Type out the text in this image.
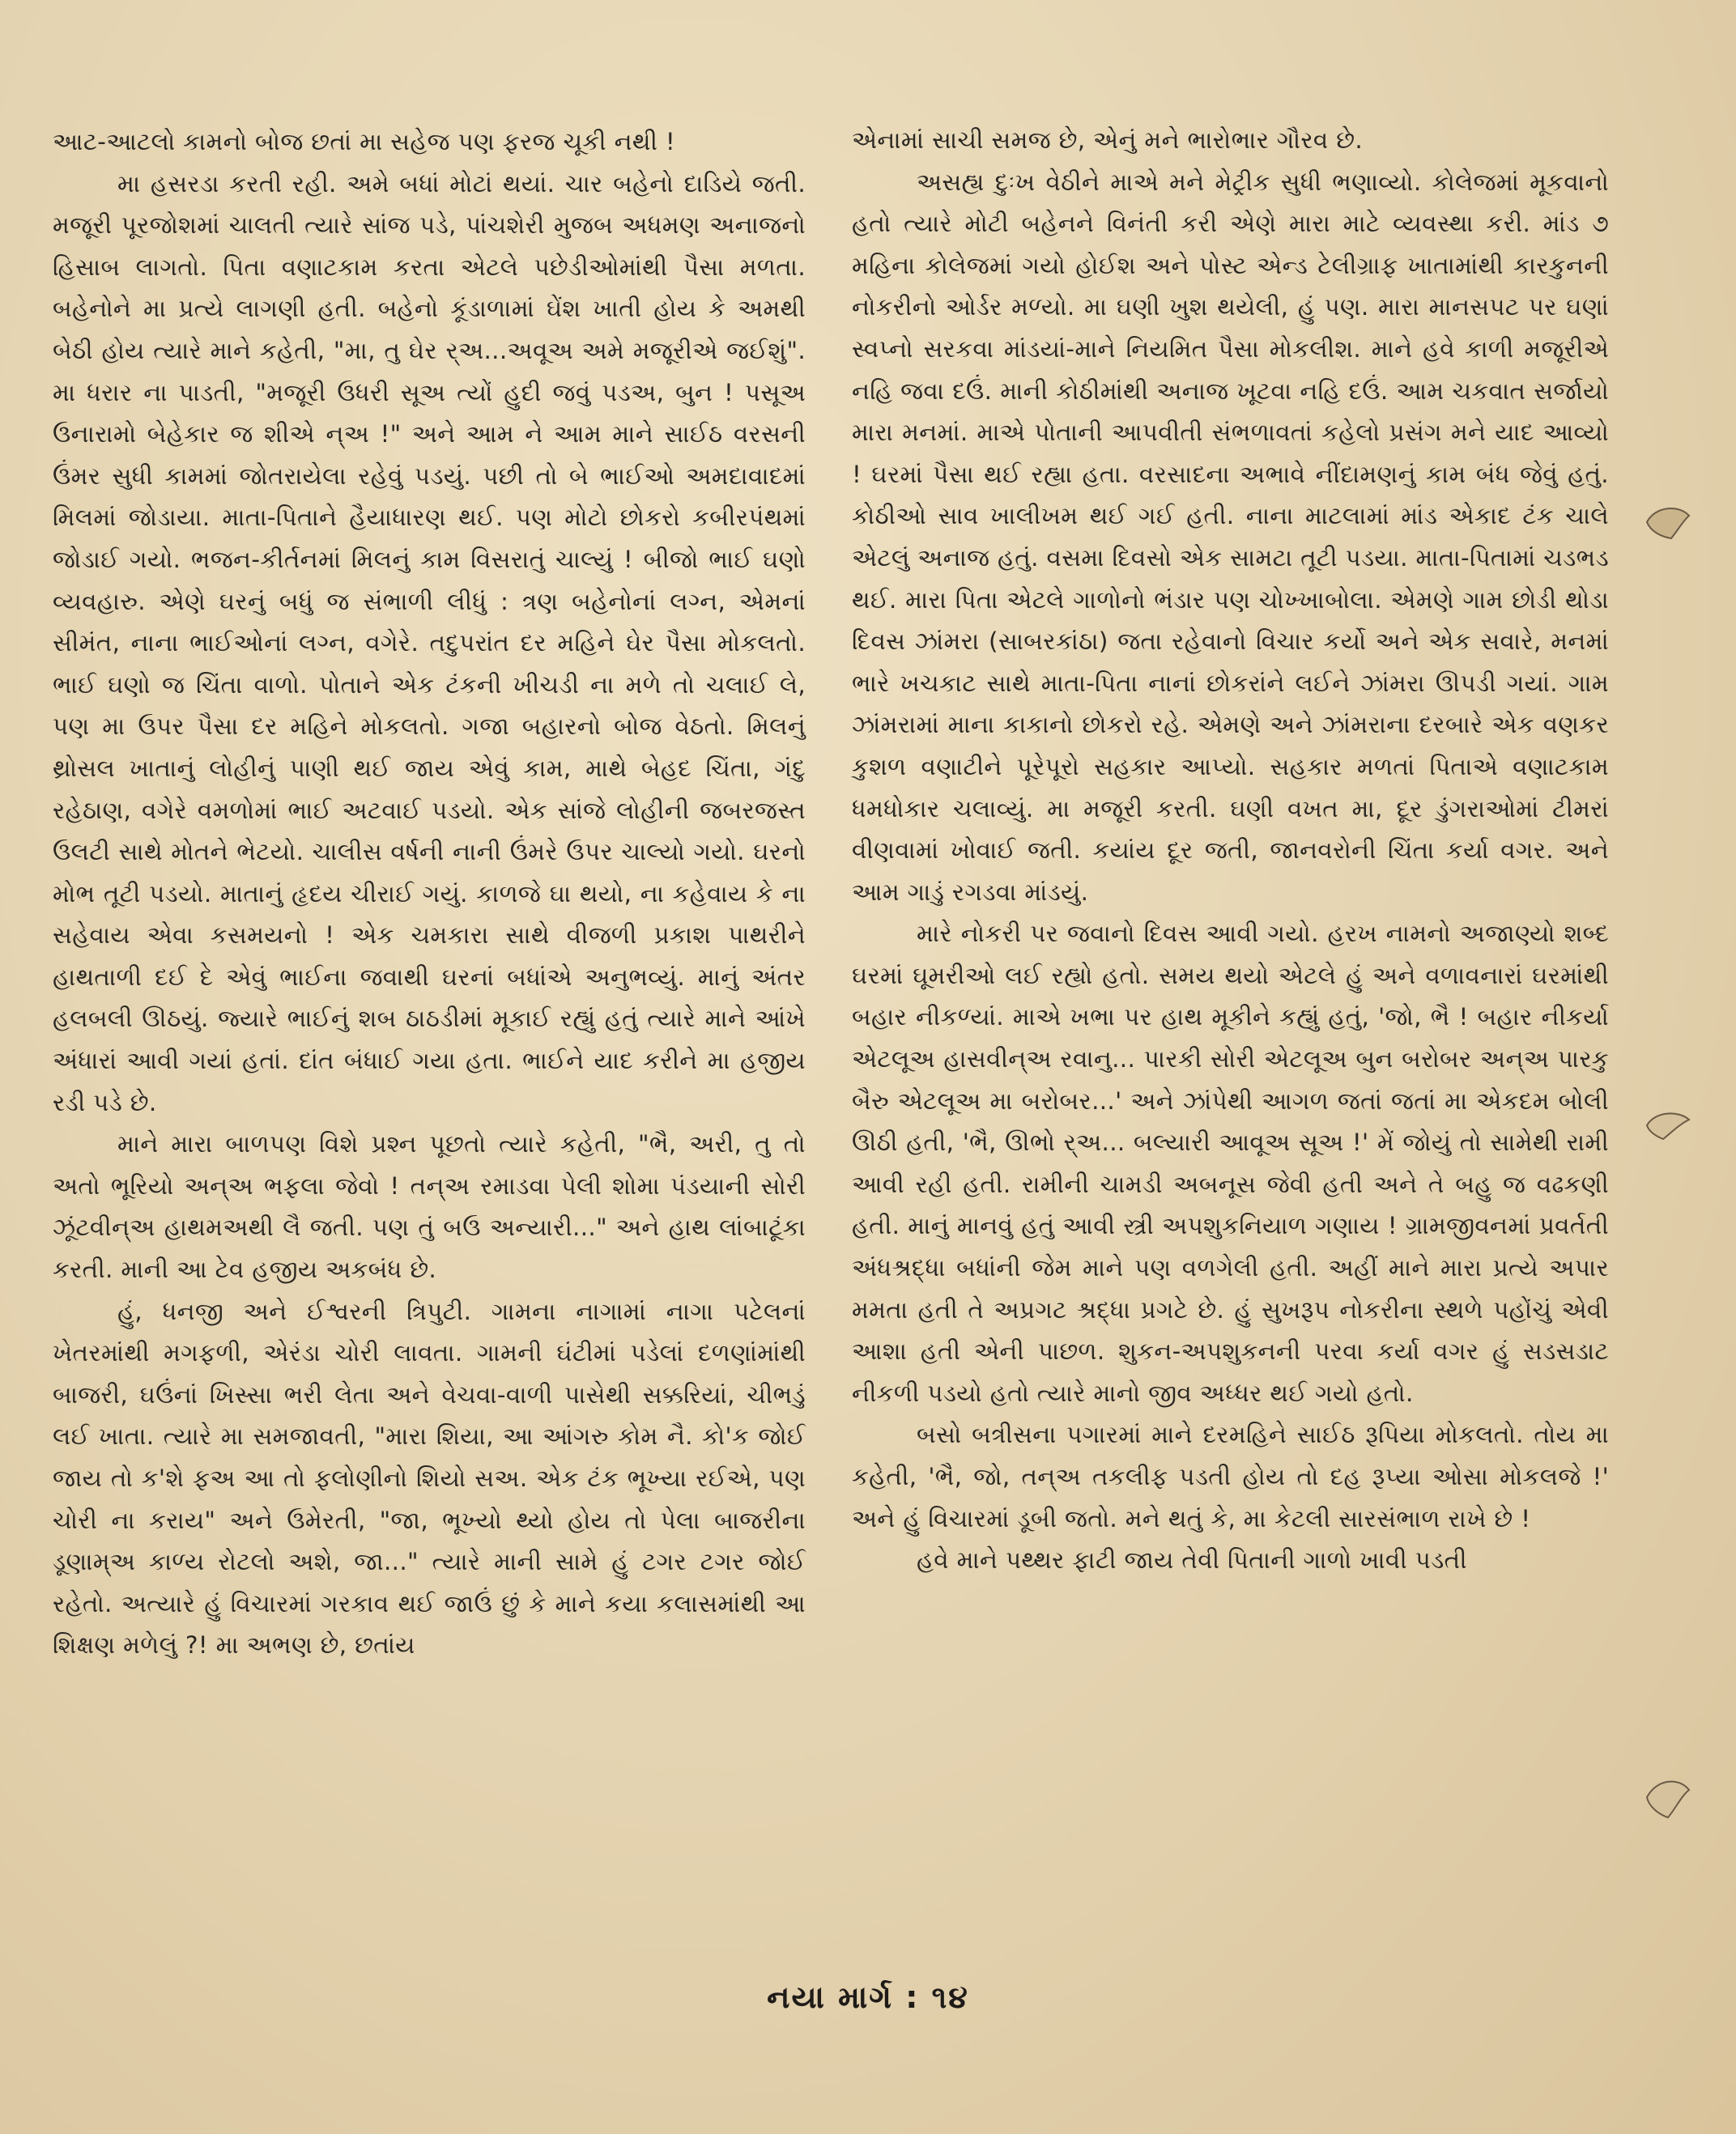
આટ-આટલો કામનો બોજ છતાં મા સહેજ પણ ફરજ ચૂકી નથી !

મા હસરડા કરતી રહી. અમે બધાં મોટાં થયાં. ચાર બહેનો દાડિયે જતી. મજૂરી પૂરજોશમાં ચાલતી ત્યારે સાંજ પડે, પાંચશેરી મુજબ અધમણ અનાજનો હિસાબ લાગતો. પિતા વણાટકામ કરતા એટલે પછેડીઓમાંથી પૈસા મળતા. બહેનોને મા પ્રત્યે લાગણી હતી. બહેનો કૂંડાળામાં ઘેંશ ખાતી હોય કે અમથી બેઠી હોય ત્યારે માને કહેતી, "મા, તુ ઘેર ર્‌અ...અવૂઅ અમે મજૂરીએ જઈશું". મા ધરાર ના પાડતી, "મજૂરી ઉધરી સૂઅ ત્યોં હુદી જવું પડઅ, બુન ! પસૂઅ ઉનારામો બેહેકાર જ શીએ ન્અ !" અને આમ ને આમ માને સાઈઠ વરસની ઉંમર સુધી કામમાં જોતરાયેલા રહેવું પડયું. પછી તો બે ભાઈઓ અમદાવાદમાં મિલમાં જોડાયા. માતા-પિતાને હૈયાધારણ થઈ. પણ મોટો છોકરો કબીરપંથમાં જોડાઈ ગયો. ભજન-કીર્તનમાં મિલનું કામ વિસરાતું ચાલ્યું ! બીજો ભાઈ ઘણો વ્યવહારુ. એણે ઘરનું બધું જ સંભાળી લીધું : ત્રણ બહેનોનાં લગ્ન, એમનાં સીમંત, નાના ભાઈઓનાં લગ્ન, વગેરે. તદુપરાંત દર મહિને ઘેર પૈસા મોકલતો. ભાઈ ઘણો જ ચિંતા વાળો. પોતાને એક ટંકની ખીચડી ના મળે તો ચલાઈ લે, પણ મા ઉપર પૈસા દર મહિને મોકલતો. ગજા બહારનો બોજ વેઠતો. મિલનું થ્રોસલ ખાતાનું લોહીનું પાણી થઈ જાય એવું કામ, માથે બેહદ ચિંતા, ગંદુ રહેઠાણ, વગેરે વમળોમાં ભાઈ અટવાઈ પડયો. એક સાંજે લોહીની જબરજસ્ત ઉલટી સાથે મોતને ભેટયો. ચાલીસ વર્ષની નાની ઉંમરે ઉપર ચાલ્યો ગયો. ઘરનો મોભ તૂટી પડયો. માતાનું હૃદય ચીરાઈ ગયું. કાળજે ઘા થયો, ના કહેવાય કે ના સહેવાય એવા કસમયનો ! એક ચમકારા સાથે વીજળી પ્રકાશ પાથરીને હાથતાળી દઈ દે એવું ભાઈના જવાથી ઘરનાં બધાંએ અનુભવ્યું. માનું અંતર હલબલી ઊઠયું. જ્યારે ભાઈનું શબ ઠાઠડીમાં મૂકાઈ રહ્યું હતું ત્યારે માને આંખે અંધારાં આવી ગયાં હતાં. દાંત બંધાઈ ગયા હતા. ભાઈને યાદ કરીને મા હજીય રડી પડે છે.

માને મારા બાળપણ વિશે પ્રશ્ન પૂછતો ત્યારે કહેતી, "ભૈ, અરી, તુ તો અતો ભૂરિયો અન્અ ભફલા જેવો ! તન્અ રમાડવા પેલી શોમા પંડયાની સોરી ઝૂંટવીન્અ હાથમઅથી લૈ જતી. પણ તું બઉ અન્યારી..." અને હાથ લાંબાટૂંકા કરતી. માની આ ટેવ હજીય અકબંધ છે.

હું, ધનજી અને ઈશ્વરની ત્રિપુટી. ગામના નાગામાં નાગા પટેલનાં ખેતરમાંથી મગફળી, એરંડા ચોરી લાવતા. ગામની ઘંટીમાં પડેલાં દળણાંમાંથી બાજરી, ઘઉંનાં ખિસ્સા ભરી લેતા અને વેચવા-વાળી પાસેથી સક્કરિયાં, ચીભડું લઈ ખાતા. ત્યારે મા સમજાવતી, "મારા શિયા, આ આંગરુ કોમ નૈ. કો'ક જોઈ જાય તો ક'શે ફઅ આ તો ફલોણીનો શિયો સઅ. એક ટંક ભૂખ્યા રઈએ, પણ ચોરી ના કરાય" અને ઉમેરતી, "જા, ભૂખ્યો થ્યો હોય તો પેલા બાજરીના ડૂણામ્અ કાળ્ય રોટલો અશે, જા..." ત્યારે માની સામે હું ટગર ટગર જોઈ રહેતો. અત્યારે હું વિચારમાં ગરકાવ થઈ જાઉં છું કે માને કયા કલાસમાંથી આ શિક્ષણ મળેલું ?! મા અભણ છે, છતાંય

એનામાં સાચી સમજ છે, એનું મને ભારોભાર ગૌરવ છે.

અસહ્ય દુઃખ વેઠીને માએ મને મેટ્રીક સુધી ભણાવ્યો. કોલેજમાં મૂકવાનો હતો ત્યારે મોટી બહેનને વિનંતી કરી એણે મારા માટે વ્યવસ્થા કરી. માંડ ૭ મહિના કોલેજમાં ગયો હોઈશ અને પોસ્ટ એન્ડ ટેલીગ્રાફ ખાતામાંથી કારકુનની નોકરીનો ઓર્ડર મળ્યો. મા ઘણી ખુશ થયેલી, હું પણ. મારા માનસપટ પર ઘણાં સ્વપ્નો સરકવા માંડયાં-માને નિયમિત પૈસા મોકલીશ. માને હવે કાળી મજૂરીએ નહિ જવા દઉં. માની કોઠીમાંથી અનાજ ખૂટવા નહિ દઉં. આમ ચકવાત સર્જાયો મારા મનમાં. માએ પોતાની આપવીતી સંભળાવતાં કહેલો પ્રસંગ મને યાદ આવ્યો ! ઘરમાં પૈસા થઈ રહ્યા હતા. વરસાદના અભાવે નીંદામણનું કામ બંધ જેવું હતું. કોઠીઓ સાવ ખાલીખમ થઈ ગઈ હતી. નાના માટલામાં માંડ એકાદ ટંક ચાલે એટલું અનાજ હતું. વસમા દિવસો એક સામટા તૂટી પડયા. માતા-પિતામાં ચડભડ થઈ. મારા પિતા એટલે ગાળોનો ભંડાર પણ ચોખ્ખાબોલા. એમણે ગામ છોડી થોડા દિવસ ઝાંમરા (સાબરકાંઠા) જતા રહેવાનો વિચાર કર્યો અને એક સવારે, મનમાં ભારે ખચકાટ સાથે માતા-પિતા નાનાં છોકરાંને લઈને ઝાંમરા ઊપડી ગયાં. ગામ ઝાંમરામાં માના કાકાનો છોકરો રહે. એમણે અને ઝાંમરાના દરબારે એક વણકર કુશળ વણાટીને પૂરેપૂરો સહકાર આપ્યો. સહકાર મળતાં પિતાએ વણાટકામ ધમધોકાર ચલાવ્યું. મા મજૂરી કરતી. ઘણી વખત મા, દૂર ડુંગરાઓમાં ટીમરાં વીણવામાં ખોવાઈ જતી. કયાંય દૂર જતી, જાનવરોની ચિંતા કર્યા વગર. અને આમ ગાડું રગડવા માંડયું.

મારે નોકરી પર જવાનો દિવસ આવી ગયો. હરખ નામનો અજાણ્યો શબ્દ ઘરમાં ઘૂમરીઓ લઈ રહ્યો હતો. સમય થયો એટલે હું અને વળાવનારાં ઘરમાંથી બહાર નીકળ્યાં. માએ ખભા પર હાથ મૂકીને કહ્યું હતું, 'જો, ભૈ ! બહાર નીકર્યા એટલૂઅ હાસવીન્અ રવાનુ... પારકી સોરી એટલૂઅ બુન બરોબર અન્અ પારકુ બૈરુ એટલૂઅ મા બરોબર...' અને ઝાંપેથી આગળ જતાં જતાં મા એકદમ બોલી ઊઠી હતી, 'ભૈ, ઊભો ર્‌અ... બલ્યારી આવૂઅ સૂઅ !' મેં જોયું તો સામેથી રામી આવી રહી હતી. રામીની ચામડી અબનૂસ જેવી હતી અને તે બહુ જ વઢકણી હતી. માનું માનવું હતું આવી સ્ત્રી અપશુકનિયાળ ગણાય ! ગ્રામજીવનમાં પ્રવર્તતી અંધશ્રદ્ધા બધાંની જેમ માને પણ વળગેલી હતી. અહીં માને મારા પ્રત્યે અપાર મમતા હતી તે અપ્રગટ શ્રદ્ધા પ્રગટે છે. હું સુખરૂપ નોકરીના સ્થળે પહોંચું એવી આશા હતી એની પાછળ. શુકન-અપશુકનની પરવા કર્યા વગર હું સડસડાટ નીકળી પડયો હતો ત્યારે માનો જીવ અધ્ધર થઈ ગયો હતો.

બસો બત્રીસના પગારમાં માને દરમહિને સાઈઠ રૂપિયા મોકલતો. તોય મા કહેતી, 'ભૈ, જો, તન્અ તકલીફ પડતી હોય તો દહ રૂપ્યા ઓસા મોકલજે !' અને હું વિચારમાં ડૂબી જતો. મને થતું કે, મા કેટલી સારસંભાળ રાખે છે !

હવે માને પથ્થર ફાટી જાય તેવી પિતાની ગાળો ખાવી પડતી

નયા માર્ગ : ૧૪
